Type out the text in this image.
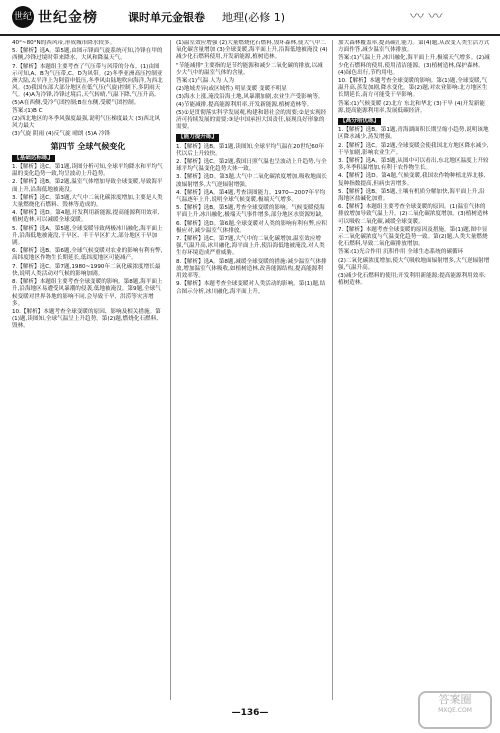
世纪 世纪金榜	课时单元金银卷 地理(必修 1)	〰 〰

40°~80°N的西风带,形成城市降水较多。

5.【解析】选A。第5题,由图示锋面气旋系统可知,冷锋在甲的西侧,冷锋过境时带来降水、大风和降温天气。

7.【解析】本题组主要考查了气压带与风带的分布。(1)由图示可知,A、B为气压带,C、D为风带。(2)冬季亚洲高压控制亚洲大陆,太平洋上为阿留申低压,冬季风由陆地吹向海洋,为西北风。(3)我国东部大部分地区在低气压(气旋)控制下,多阴雨天气。(4)A为冷锋,冷锋过境后,天气转晴,气温下降,气压升高。(5)A在西侧,受冷气团控制;B在东侧,受暖气团控制。

答案:(1)B C

(2)西北地区的冬季风强度最强,说明气压梯度最大 (3)西北风 风力最大

(3)气旋 阴雨 (4)反气旋 晴朗 (5)A 冷锋

第四节 全球气候变化
【基础达标练】

1.【解析】选C。第1题,读图分析可知,全球平均降水和平均气温的变化趋势一致,均呈波动上升趋势。

2.【解析】选B。第2题,温室气体增加导致全球变暖,导致海平面上升,沿海低地被淹没。

3.【解析】选C。第3题,大气中二氧化碳浓度增加,主要是人类大量燃烧化石燃料、毁林等造成的。

4.【解析】选D。第4题,开发利用新能源,提高能源利用效率,植树造林,可以减缓全球变暖。

5.【解析】选A。第5题,全球变暖导致两极冰川融化,海平面上升,沿海低地被淹没,干旱区、半干旱区扩大,部分地区干旱加剧。

6.【解析】选B。第6题,全球气候变暖对农业的影响有利有弊,高纬度地区作物生长期延长,低纬度地区可能减产。

7.【解析】选C。第7题,1980~1990年二氧化碳浓度增长最快,说明人类活动对气候的影响加剧。

8.【解析】本题组主要考查全球变暖的影响。第8题,海平面上升,沿海地区易遭受风暴潮的侵袭,低地被淹没。第9题,全球气候变暖对世界各地的影响不同,会导致干旱、洪涝等灾害增多。

10.【解析】本题考查全球变暖的原因、影响及相关措施。第(1)题,读图知,全球气温呈上升趋势。第(2)题,燃烧化石燃料、毁林。

(1)温室效应增强 (2)大量燃烧化石燃料,毁坏森林,使大气中二氧化碳含量增加 (3)全球变暖,海平面上升,沿海低地被淹没 (4)减少化石燃料使用,开发新能源,植树造林。

"节能减排"主要指的是节约能源和减少二氧化碳的排放,以减少大气中的温室气体的含量。

答案:(1)气温 人为 人为

(2)地域差异(或区域性) 明显变暖 变暖不明显

(3)海水上涨,淹没沿海土地,风暴潮加剧,农业生产受影响等。(4)节能减排,提高能源利用率,开发新能源,植树造林等。

(5)①是贯彻落实科学发展观,构建和谐社会的需要;②是实现经济可持续发展的需要;③是中国承担大国责任,展现良好形象的需要。

【能力提升练】

1.【解析】选B。第1题,读图知,全球平均气温在20世纪60年代以后上升较快。

2.【解析】选C。第2题,我国日照气温也呈波动上升趋势,与全球平均气温变化趋势大体一致。

3.【解析】选D。第3题,大气中二氧化碳浓度增加,吸收地面长波辐射增多,大气逆辐射增强。

4.【解析】选A。第4题,考查读图能力。1970—2007年平均气温逐年上升,说明全球气候变暖,极端天气增多。

5.【解析】选B。第5题,考查全球变暖的影响。气候变暖使海平面上升,冰川融化,极端天气事件增多,部分地区水资源短缺。

6.【解析】选D。第6题,全球变暖对人类的影响有利有弊,应积极应对,减少温室气体排放。

7.【解析】选C。第7题,大气中的二氧化碳增加,温室效应增强,气温升高,冰川融化,海平面上升,使沿海低地被淹没,对人类生存环境造成严重威胁。

8.【解析】选A。第8题,减缓全球变暖的措施:减少温室气体排放,增加温室气体吸收,如植树造林,改善能源结构,提高能源利用效率等。

9.【解析】本题考查全球变暖对人类活动的影响。第(1)题,结合图示分析,冰川融化,海平面上升。

加大森林覆盖率,提高碳汇能力。第(4)题,从改变人类生活方式方面作答,减少温室气体排放。

答案:(1)气温上升,冰川融化,海平面上升,极端天气增多。(2)减少化石燃料的使用,使用清洁能源。(3)植树造林,保护森林。(4)绿色出行,节约用电。

10.【解析】本题考查全球变暖的影响。第(1)题,全球变暖,气温升高,蒸发加剧,降水变化。第(2)题,对农业影响:北方地区生长期延长,南方可能受干旱影响。

答案:(1)气候变暖 (2)北方 东北和华北 (3)干旱 (4)开发新能源,提高能源利用率,发展低碳经济。

【高分培优练】

1.【解析】选B。第1题,青海湖面积长期呈缩小趋势,说明该地区降水减少,蒸发增强。

2.【解析】选C。第2题,全球变暖会使我国北方地区降水减少,干旱加剧,影响农业生产。

3.【解析】选A。第3题,从图中可以看出,东北地区温度上升较多,冬季积温增加,有利于农作物生长。

4.【解析】选D。第4题,气候变暖,我国农作物种植北界北移,复种指数提高,但病虫害增多。

5.【解析】选B。第5题,土壤有机质分解加快,海平面上升,沿海地区盐碱化加重。

6.【解析】本题组主要考查全球变暖的原因。(1)温室气体的排放增加导致气温上升。(2)二氧化碳浓度增加。(3)植树造林可以吸收二氧化碳,减缓全球变暖。

7.【解析】本题考查全球变暖的原因及措施。第(1)题,图中显示二氧化碳浓度与气温变化趋势一致。第(2)题,人类大量燃烧化石燃料,导致二氧化碳排放增加。

答案:(1)光合作用 沉积作用 全球生态系统的碳循环

(2)二氧化碳浓度增加,使大气吸收地面辐射增多,大气逆辐射增强,气温升高。

(3)减少化石燃料的使用;开发利用新能源;提高能源利用效率;植树造林。

—136—
答案圈
MXQE.COM
